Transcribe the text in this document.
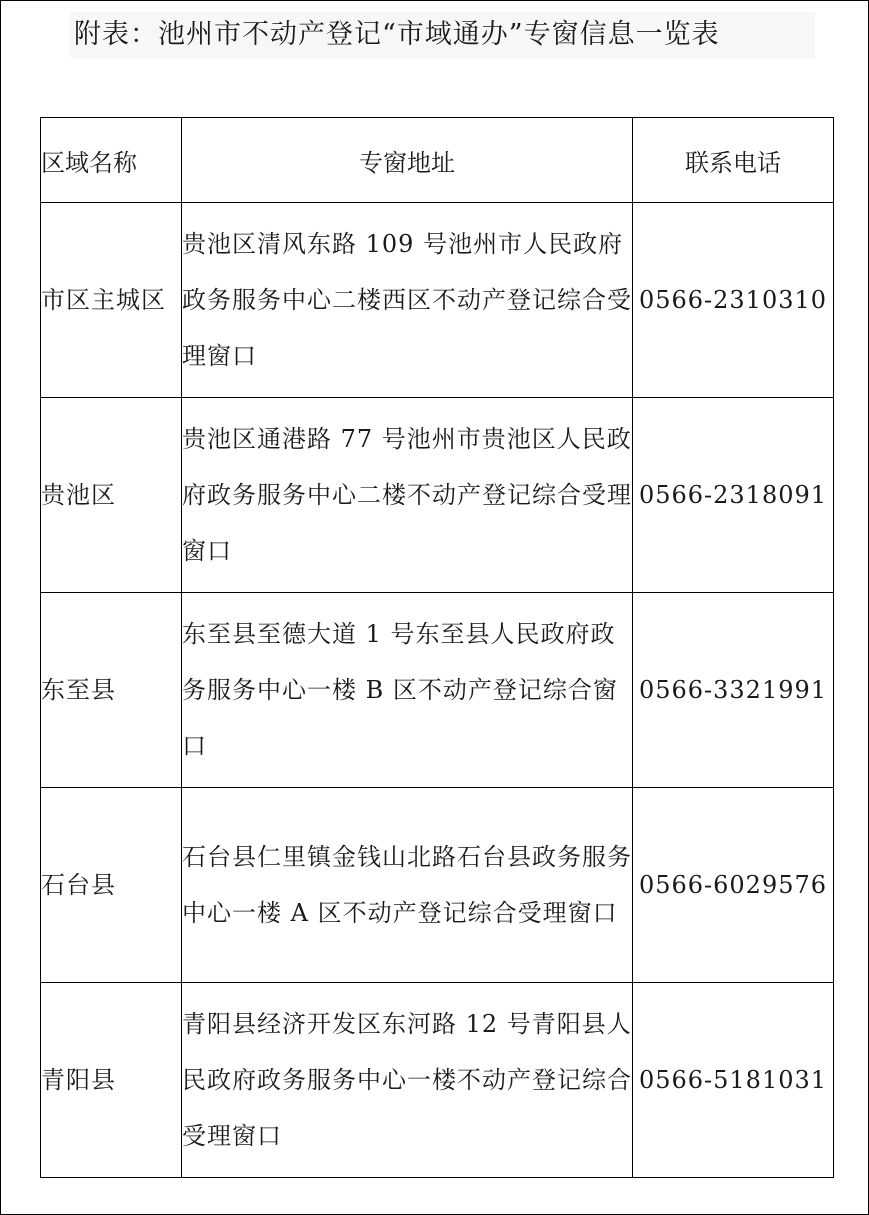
附表：池州市不动产登记“市域通办”专窗信息一览表
区域名称	专窗地址	联系电话
市区主城区	贵池区清风东路 109 号池州市人民政府政务服务中心二楼西区不动产登记综合受理窗口	0566-2310310
贵池区	贵池区通港路 77 号池州市贵池区人民政府政务服务中心二楼不动产登记综合受理窗口	0566-2318091
东至县	东至县至德大道 1 号东至县人民政府政务服务中心一楼 B 区不动产登记综合窗口	0566-3321991
石台县	石台县仁里镇金钱山北路石台县政务服务中心一楼 A 区不动产登记综合受理窗口	0566-6029576
青阳县	青阳县经济开发区东河路 12 号青阳县人民政府政务服务中心一楼不动产登记综合受理窗口	0566-5181031
